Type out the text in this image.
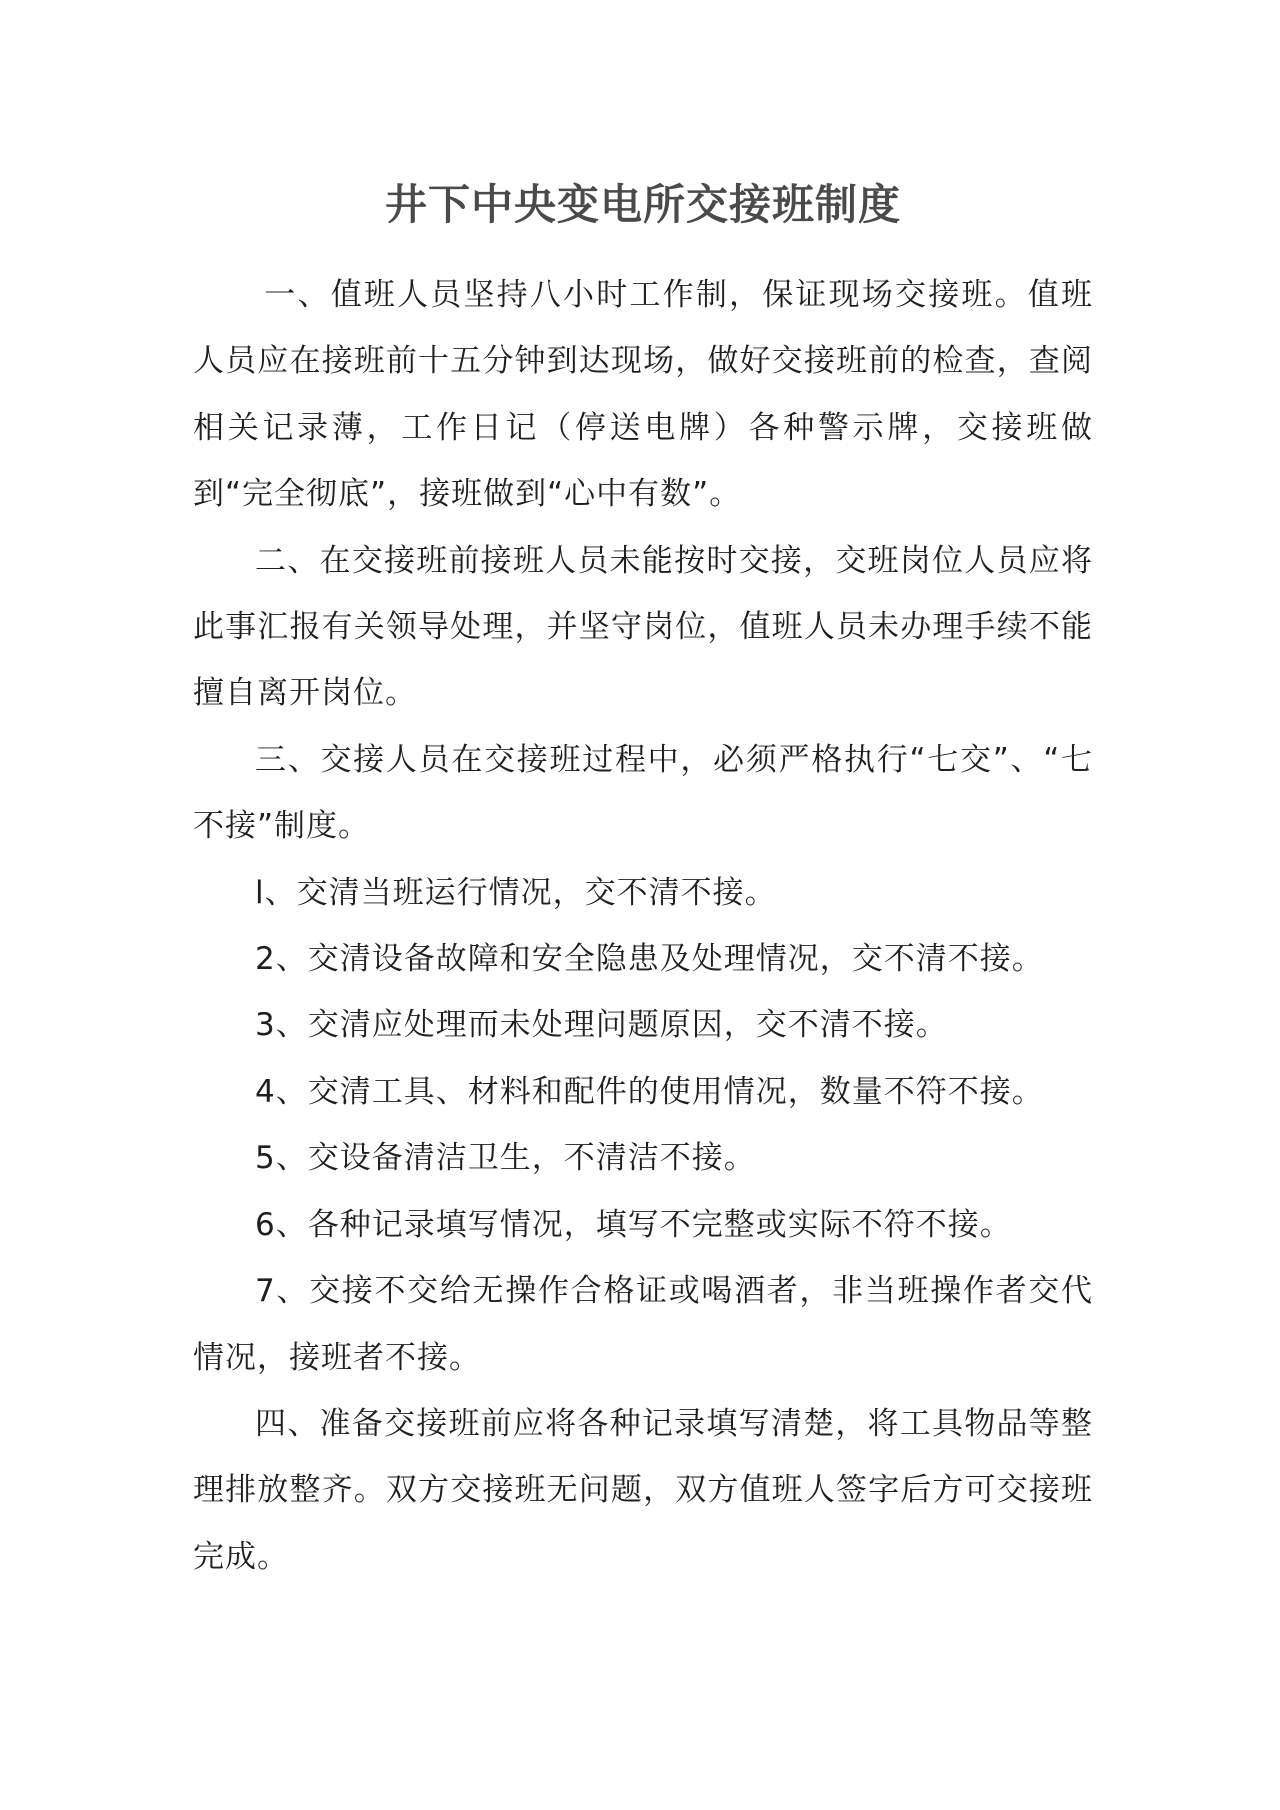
井下中央变电所交接班制度

一、值班人员坚持八小时工作制，保证现场交接班。值班人员应在接班前十五分钟到达现场，做好交接班前的检查，查阅相关记录薄，工作日记（停送电牌）各种警示牌，交接班做到“完全彻底”，接班做到“心中有数”。

二、在交接班前接班人员未能按时交接，交班岗位人员应将此事汇报有关领导处理，并坚守岗位，值班人员未办理手续不能擅自离开岗位。

三、交接人员在交接班过程中，必须严格执行“七交”、“七不接”制度。

l、交清当班运行情况，交不清不接。

2、交清设备故障和安全隐患及处理情况，交不清不接。

3、交清应处理而未处理问题原因，交不清不接。

4、交清工具、材料和配件的使用情况，数量不符不接。

5、交设备清洁卫生，不清洁不接。

6、各种记录填写情况，填写不完整或实际不符不接。

7、交接不交给无操作合格证或喝酒者，非当班操作者交代情况，接班者不接。

四、准备交接班前应将各种记录填写清楚，将工具物品等整理排放整齐。双方交接班无问题，双方值班人签字后方可交接班完成。
